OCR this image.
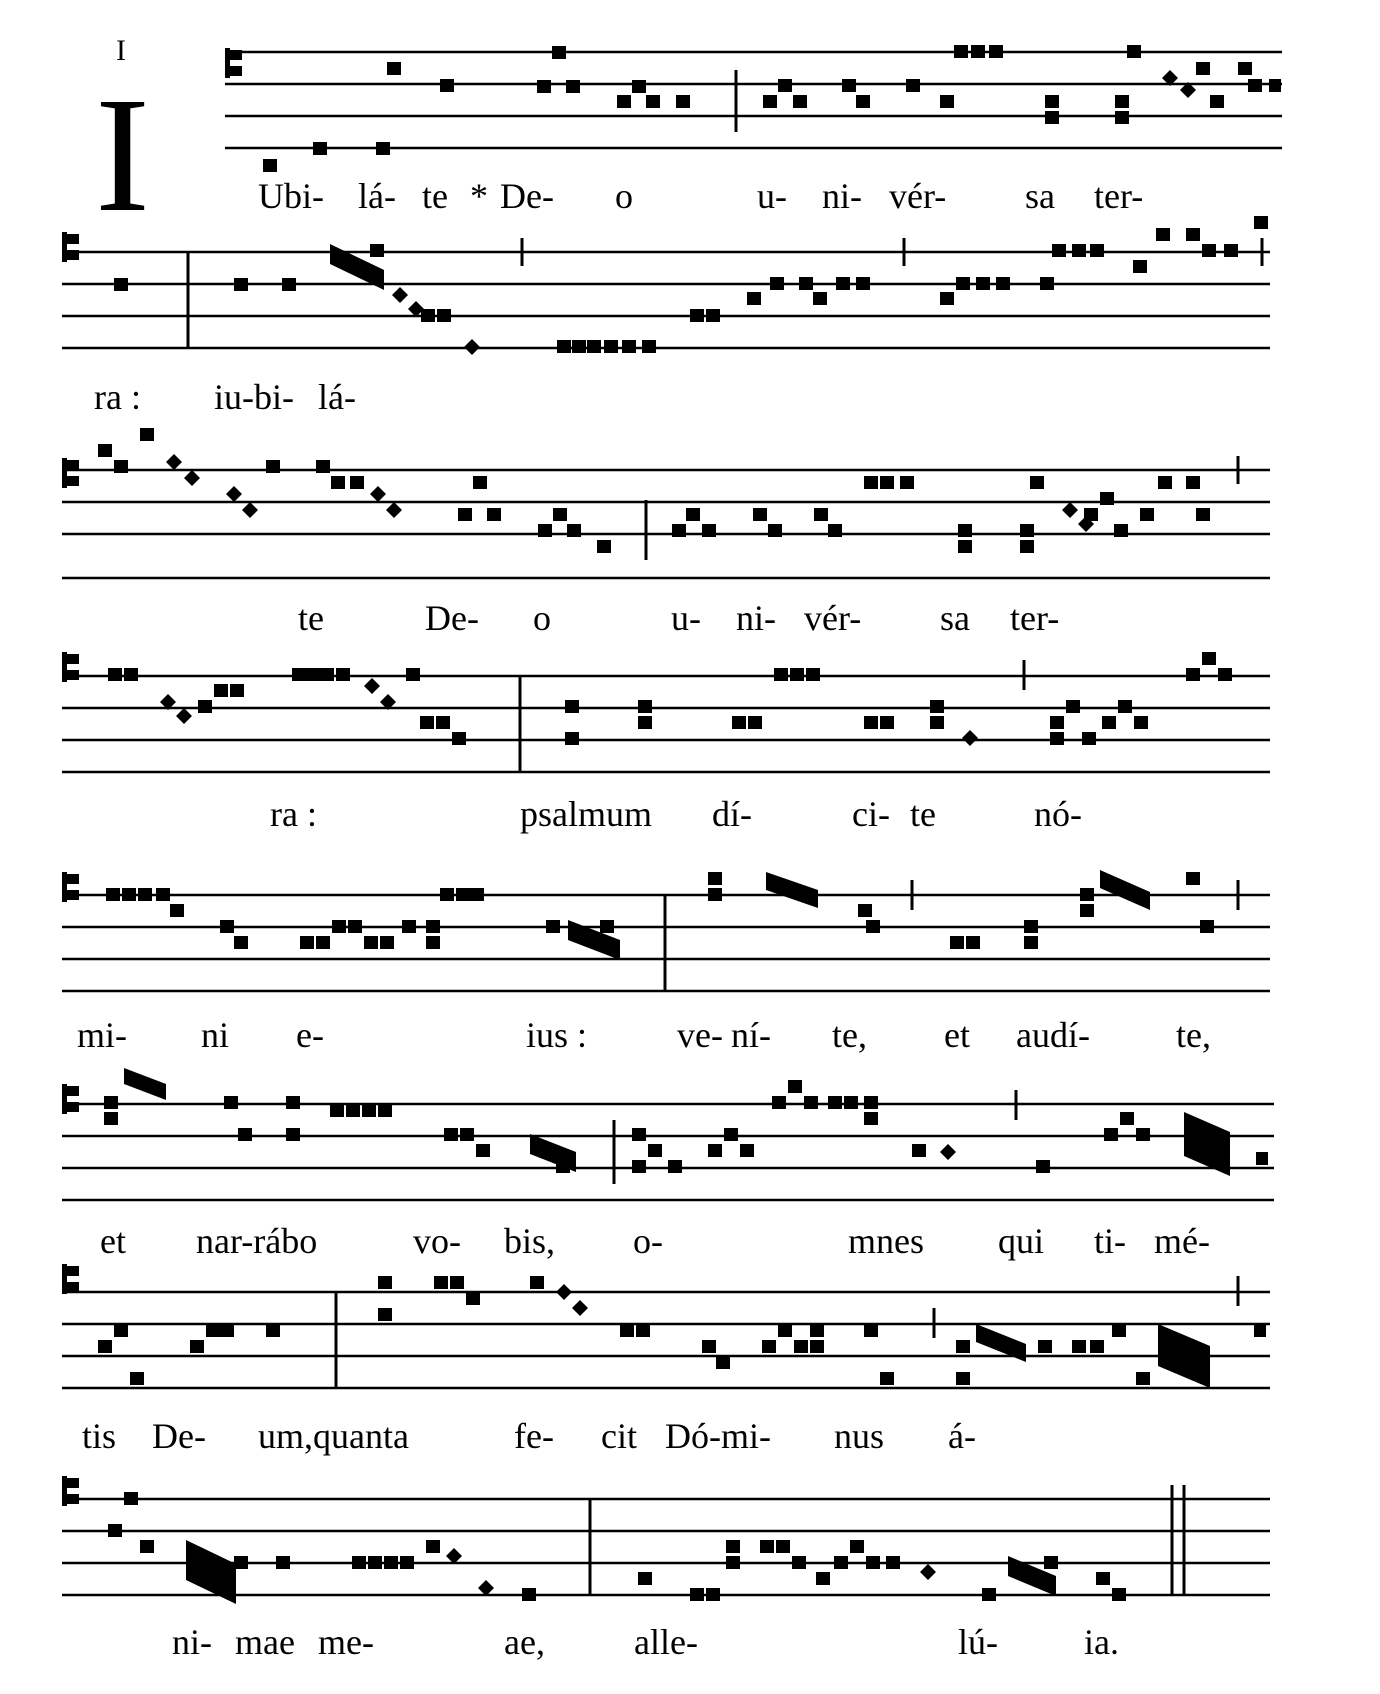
I
I	Ubi- lá- te * De- o	u- ni- vér- sa ter-
ra : iu-bi- lá-
te	De- o	u- ni- vér- sa ter-
ra :	psalmum dí-	ci- te	nó-
mi- ni e-	ius : ve- ní- te, et audí- te,
et nar-rábo	vo- bis, o-	mnes qui ti- mé-
tis De- um,quanta	fe- cit Dó-mi- nus á-
ni- mae me-	ae, alle-	lú- ia.
